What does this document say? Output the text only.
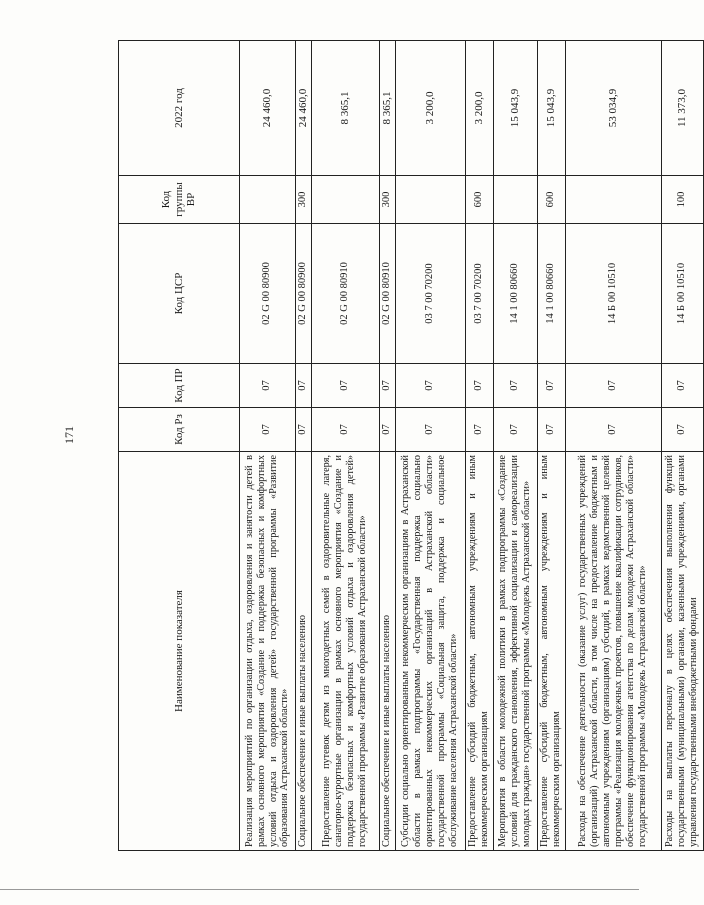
171
Наименование показателя	Код Рз	Код ПР	Код ЦСР	Код группы ВР	2022 год
Реализация мероприятий по организации отдыха, оздоровления и занятости детей в рамках основного мероприятия «Создание и поддержка безопасных и комфортных условий отдыха и оздоровления детей» государственной программы «Развитие образования Астраханской области»	07	07	02 G 00 80900		24 460,0
Социальное обеспечение и иные выплаты населению	07	07	02 G 00 80900	300	24 460,0
Предоставление путевок детям из многодетных семей в оздоровительные лагеря, санаторно-курортные организации в рамках основного мероприятия «Создание и поддержка безопасных и комфортных условий отдыха и оздоровления детей» государственной программы «Развитие образования Астраханской области»	07	07	02 G 00 80910		8 365,1
Социальное обеспечение и иные выплаты населению	07	07	02 G 00 80910	300	8 365,1
Субсидии социально ориентированным некоммерческим организациям в Астраханской области в рамках подпрограммы «Государственная поддержка социально ориентированных некоммерческих организаций в Астраханской области» государственной программы «Социальная защита, поддержка и социальное обслуживание населения Астраханской области»	07	07	03 7 00 70200		3 200,0
Предоставление субсидий бюджетным, автономным учреждениям и иным некоммерческим организациям	07	07	03 7 00 70200	600	3 200,0
Мероприятия в области молодежной политики в рамках подпрограммы «Создание условий для гражданского становления, эффективной социализации и самореализации молодых граждан» государственной программы «Молодежь Астраханской области»	07	07	14 1 00 80660		15 043,9
Предоставление субсидий бюджетным, автономным учреждениям и иным некоммерческим организациям	07	07	14 1 00 80660	600	15 043,9
Расходы на обеспечение деятельности (оказание услуг) государственных учреждений (организаций) Астраханской области, в том числе на предоставление бюджетным и автономным учреждениям (организациям) субсидий, в рамках ведомственной целевой программы «Реализация молодежных проектов, повышение квалификации сотрудников, обеспечение функционирования агентства по делам молодежи Астраханской области» государственной программы «Молодежь Астраханской области»	07	07	14 Б 00 10510		53 034,9
Расходы на выплаты персоналу в целях обеспечения выполнения функций государственными (муниципальными) органами, казенными учреждениями, органами управления государственными внебюджетными фондами	07	07	14 Б 00 10510	100	11 373,0
